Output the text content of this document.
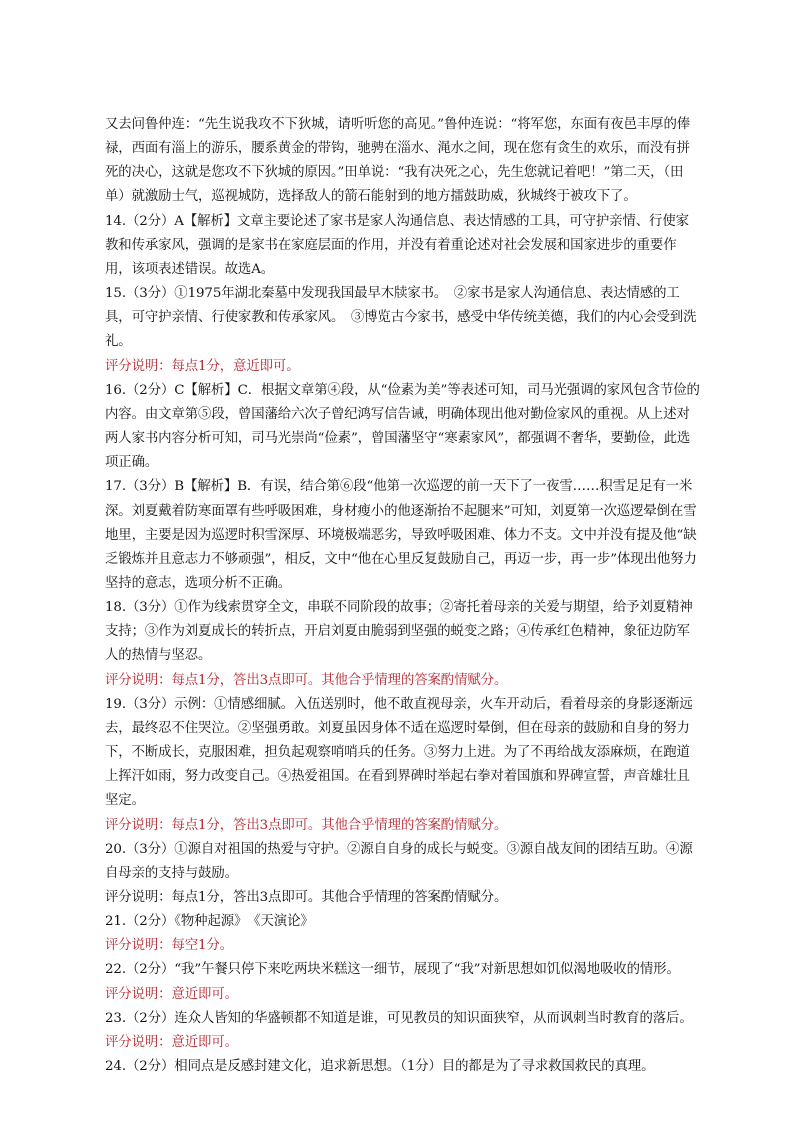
又去问鲁仲连：“先生说我攻不下狄城，请听听您的高见。”鲁仲连说：“将军您，东面有夜邑丰厚的俸禄，西面有淄上的游乐，腰系黄金的带钩，驰骋在淄水、渑水之间，现在您有贪生的欢乐，而没有拼死的决心，这就是您攻不下狄城的原因。”田单说：“我有决死之心，先生您就记着吧！”第二天，（田单）就激励士气，巡视城防，选择敌人的箭石能射到的地方擂鼓助威，狄城终于被攻下了。

14.（2分）A【解析】文章主要论述了家书是家人沟通信息、表达情感的工具，可守护亲情、行使家教和传承家风，强调的是家书在家庭层面的作用，并没有着重论述对社会发展和国家进步的重要作用，该项表述错误。故选A。

15.（3分）①1975年湖北秦墓中发现我国最早木牍家书。　②家书是家人沟通信息、表达情感的工具，可守护亲情、行使家教和传承家风。　③博览古今家书，感受中华传统美德，我们的内心会受到洗礼。

评分说明：每点1分，意近即可。

16.（2分）C【解析】C．根据文章第④段，从“俭素为美”等表述可知，司马光强调的家风包含节俭的内容。由文章第⑤段，曾国藩给六次子曾纪鸿写信告诫，明确体现出他对勤俭家风的重视。从上述对两人家书内容分析可知，司马光崇尚“俭素”，曾国藩坚守“寒素家风”，都强调不奢华，要勤俭，此选项正确。

17.（3分）B【解析】B．有误，结合第⑥段“他第一次巡逻的前一天下了一夜雪……积雪足足有一米深。刘夏戴着防寒面罩有些呼吸困难，身材瘦小的他逐渐抬不起腿来”可知，刘夏第一次巡逻晕倒在雪地里，主要是因为巡逻时积雪深厚、环境极端恶劣，导致呼吸困难、体力不支。文中并没有提及他“缺乏锻炼并且意志力不够顽强”，相反，文中“他在心里反复鼓励自己，再迈一步，再一步”体现出他努力坚持的意志，选项分析不正确。

18.（3分）①作为线索贯穿全文，串联不同阶段的故事；②寄托着母亲的关爱与期望，给予刘夏精神支持；③作为刘夏成长的转折点，开启刘夏由脆弱到坚强的蜕变之路；④传承红色精神，象征边防军人的热情与坚忍。

评分说明：每点1分，答出3点即可。其他合乎情理的答案酌情赋分。

19.（3分）示例：①情感细腻。入伍送别时，他不敢直视母亲，火车开动后，看着母亲的身影逐渐远去，最终忍不住哭泣。②坚强勇敢。刘夏虽因身体不适在巡逻时晕倒，但在母亲的鼓励和自身的努力下，不断成长，克服困难，担负起观察哨哨兵的任务。③努力上进。为了不再给战友添麻烦，在跑道上挥汗如雨，努力改变自己。④热爱祖国。在看到界碑时举起右拳对着国旗和界碑宣誓，声音雄壮且坚定。

评分说明：每点1分，答出3点即可。其他合乎情理的答案酌情赋分。

20.（3分）①源自对祖国的热爱与守护。②源自自身的成长与蜕变。③源自战友间的团结互助。④源自母亲的支持与鼓励。

评分说明：每点1分，答出3点即可。其他合乎情理的答案酌情赋分。

21.（2分）《物种起源》　《天演论》

评分说明：每空1分。

22.（2分）“我”午餐只停下来吃两块米糕这一细节，展现了“我”对新思想如饥似渴地吸收的情形。

评分说明：意近即可。

23.（2分）连众人皆知的华盛顿都不知道是谁，可见教员的知识面狭窄，从而讽刺当时教育的落后。

评分说明：意近即可。

24.（2分）相同点是反感封建文化，追求新思想。（1分）目的都是为了寻求救国救民的真理。
